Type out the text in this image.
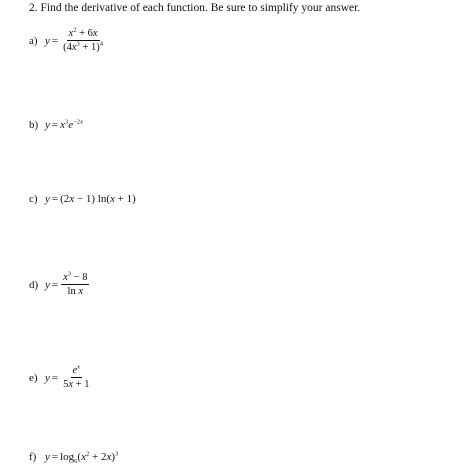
2. Find the derivative of each function. Be sure to simplify your answer.
a) $y = \frac{x^2 + 6x}{(4x^3 + 1)^4}$
b) $y = x^3e^{-2x}$
c) y = (2x − 1) ln(x + 1)
d) $y = \frac{x^3 - 8}{\text{ln x}}$
e) $y = \frac{e^x}{5x + 1}$
f) $y = \log_6(x^2 + 2x)^3$
